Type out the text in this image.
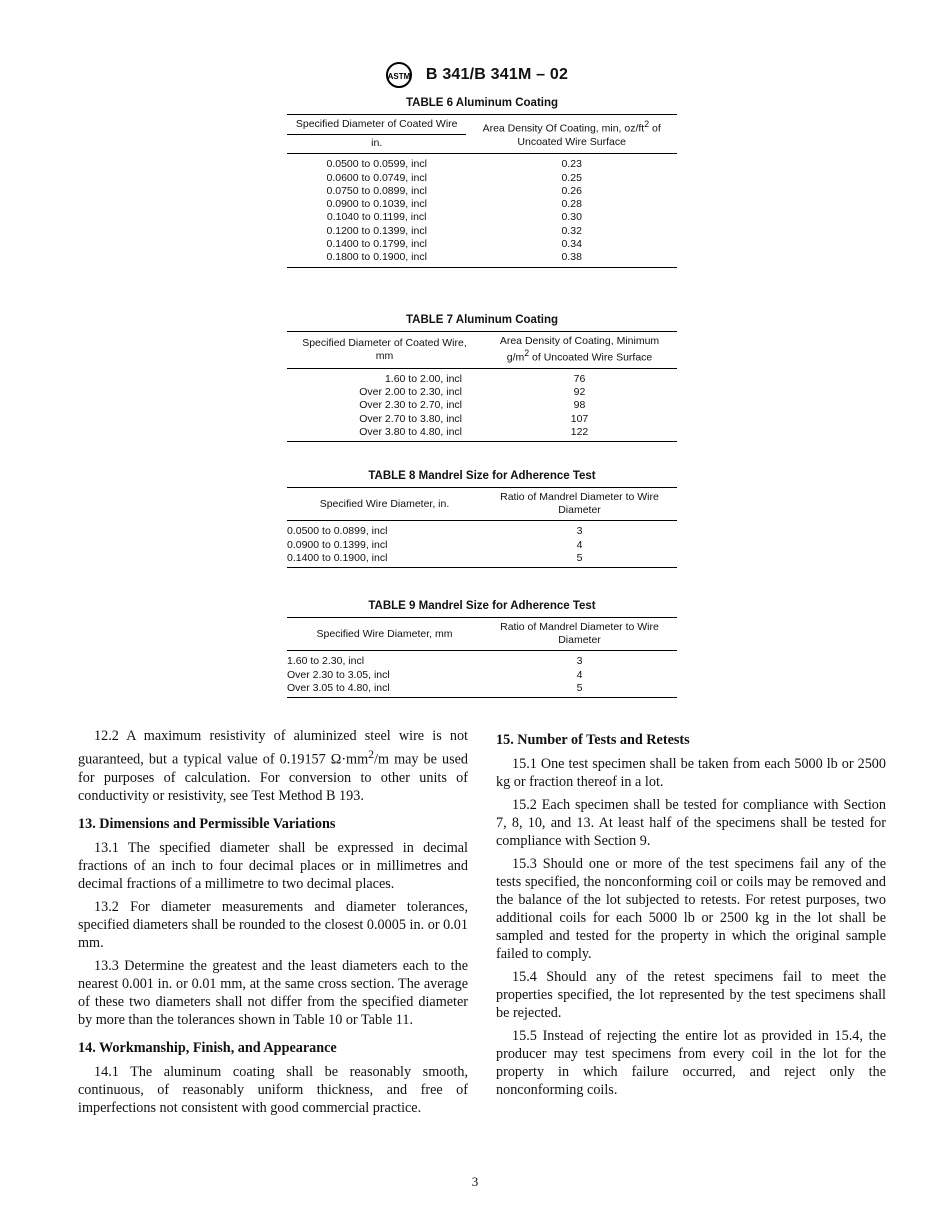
ASTM B 341/B 341M – 02
TABLE 6 Aluminum Coating
Specified Diameter of Coated Wire	Area Density Of Coating, min, $oz/ft^2$ of Uncoated Wire Surface
in.	
0.0500 to 0.0599, incl	0.23
0.0600 to 0.0749, incl	0.25
0.0750 to 0.0899, incl	0.26
0.0900 to 0.1039, incl	0.28
0.1040 to 0.1199, incl	0.30
0.1200 to 0.1399, incl	0.32
0.1400 to 0.1799, incl	0.34
0.1800 to 0.1900, incl	0.38
TABLE 7 Aluminum Coating
Specified Diameter of Coated Wire, mm	Area Density of Coating, Minimum $g/m^2$ of Uncoated Wire Surface
1.60 to 2.00, incl	76
Over 2.00 to 2.30, incl	92
Over 2.30 to 2.70, incl	98
Over 2.70 to 3.80, incl	107
Over 3.80 to 4.80, incl	122
TABLE 8 Mandrel Size for Adherence Test
Specified Wire Diameter, in.	Ratio of Mandrel Diameter to Wire Diameter
0.0500 to 0.0899, incl	3
0.0900 to 0.1399, incl	4
0.1400 to 0.1900, incl	5
TABLE 9 Mandrel Size for Adherence Test
Specified Wire Diameter, mm	Ratio of Mandrel Diameter to Wire Diameter
1.60 to 2.30, incl	3
Over 2.30 to 3.05, incl	4
Over 3.05 to 4.80, incl	5

12.2 A maximum resistivity of aluminized steel wire is not guaranteed, but a typical value of 0.19157 $\Omega\cdot mm^2/m$ may be used for purposes of calculation. For conversion to other units of conductivity or resistivity, see Test Method B 193.

13. Dimensions and Permissible Variations

13.1 The specified diameter shall be expressed in decimal fractions of an inch to four decimal places or in millimetres and decimal fractions of a millimetre to two decimal places.

13.2 For diameter measurements and diameter tolerances, specified diameters shall be rounded to the closest 0.0005 in. or 0.01 mm.

13.3 Determine the greatest and the least diameters each to the nearest 0.001 in. or 0.01 mm, at the same cross section. The average of these two diameters shall not differ from the specified diameter by more than the tolerances shown in Table 10 or Table 11.

14. Workmanship, Finish, and Appearance

14.1 The aluminum coating shall be reasonably smooth, continuous, of reasonably uniform thickness, and free of imperfections not consistent with good commercial practice.

15. Number of Tests and Retests

15.1 One test specimen shall be taken from each 5000 lb or 2500 kg or fraction thereof in a lot.

15.2 Each specimen shall be tested for compliance with Section 7, 8, 10, and 13. At least half of the specimens shall be tested for compliance with Section 9.

15.3 Should one or more of the test specimens fail any of the tests specified, the nonconforming coil or coils may be removed and the balance of the lot subjected to retests. For retest purposes, two additional coils for each 5000 lb or 2500 kg in the lot shall be sampled and tested for the property in which the original sample failed to comply.

15.4 Should any of the retest specimens fail to meet the properties specified, the lot represented by the test specimens shall be rejected.

15.5 Instead of rejecting the entire lot as provided in 15.4, the producer may test specimens from every coil in the lot for the property in which failure occurred, and reject only the nonconforming coils.

3
